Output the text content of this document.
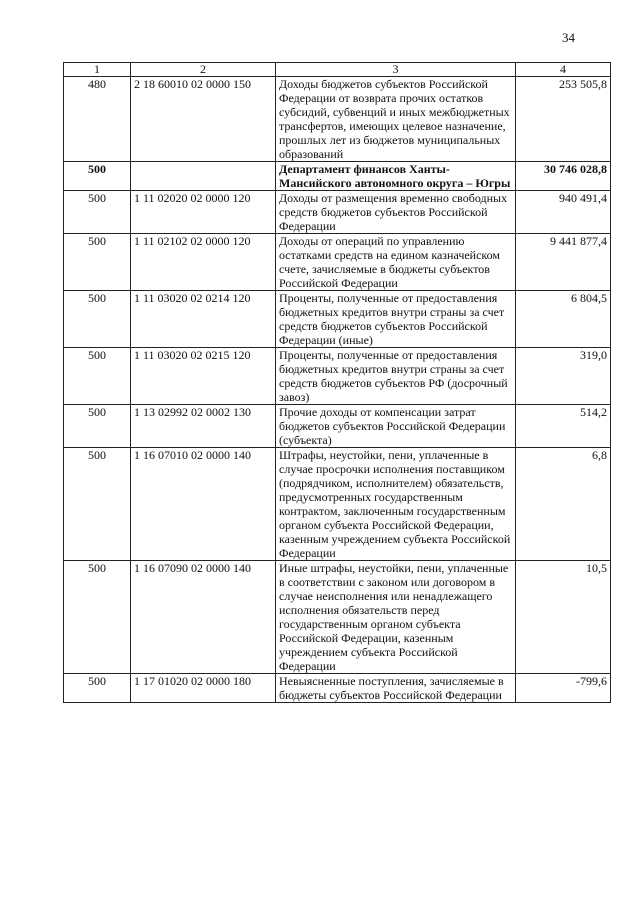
34
1	2	3	4
480	2 18 60010 02 0000 150	Доходы бюджетов субъектов Российской Федерации от возврата прочих остатков субсидий, субвенций и иных межбюджетных трансфертов, имеющих целевое назначение, прошлых лет из бюджетов муниципальных образований	253 505,8
500		Департамент финансов Ханты-Мансийского автономного округа – Югры	30 746 028,8
500	1 11 02020 02 0000 120	Доходы от размещения временно свободных средств бюджетов субъектов Российской Федерации	940 491,4
500	1 11 02102 02 0000 120	Доходы от операций по управлению остатками средств на едином казначейском счете, зачисляемые в бюджеты субъектов Российской Федерации	9 441 877,4
500	1 11 03020 02 0214 120	Проценты, полученные от предоставления бюджетных кредитов внутри страны за счет средств бюджетов субъектов Российской Федерации (иные)	6 804,5
500	1 11 03020 02 0215 120	Проценты, полученные от предоставления бюджетных кредитов внутри страны за счет средств бюджетов субъектов РФ (досрочный завоз)	319,0
500	1 13 02992 02 0002 130	Прочие доходы от компенсации затрат бюджетов субъектов Российской Федерации (субъекта)	514,2
500	1 16 07010 02 0000 140	Штрафы, неустойки, пени, уплаченные в случае просрочки исполнения поставщиком (подрядчиком, исполнителем) обязательств, предусмотренных государственным контрактом, заключенным государственным органом субъекта Российской Федерации, казенным учреждением субъекта Российской Федерации	6,8
500	1 16 07090 02 0000 140	Иные штрафы, неустойки, пени, уплаченные в соответствии с законом или договором в случае неисполнения или ненадлежащего исполнения обязательств перед государственным органом субъекта Российской Федерации, казенным учреждением субъекта Российской Федерации	10,5
500	1 17 01020 02 0000 180	Невыясненные поступления, зачисляемые в бюджеты субъектов Российской Федерации	-799,6
